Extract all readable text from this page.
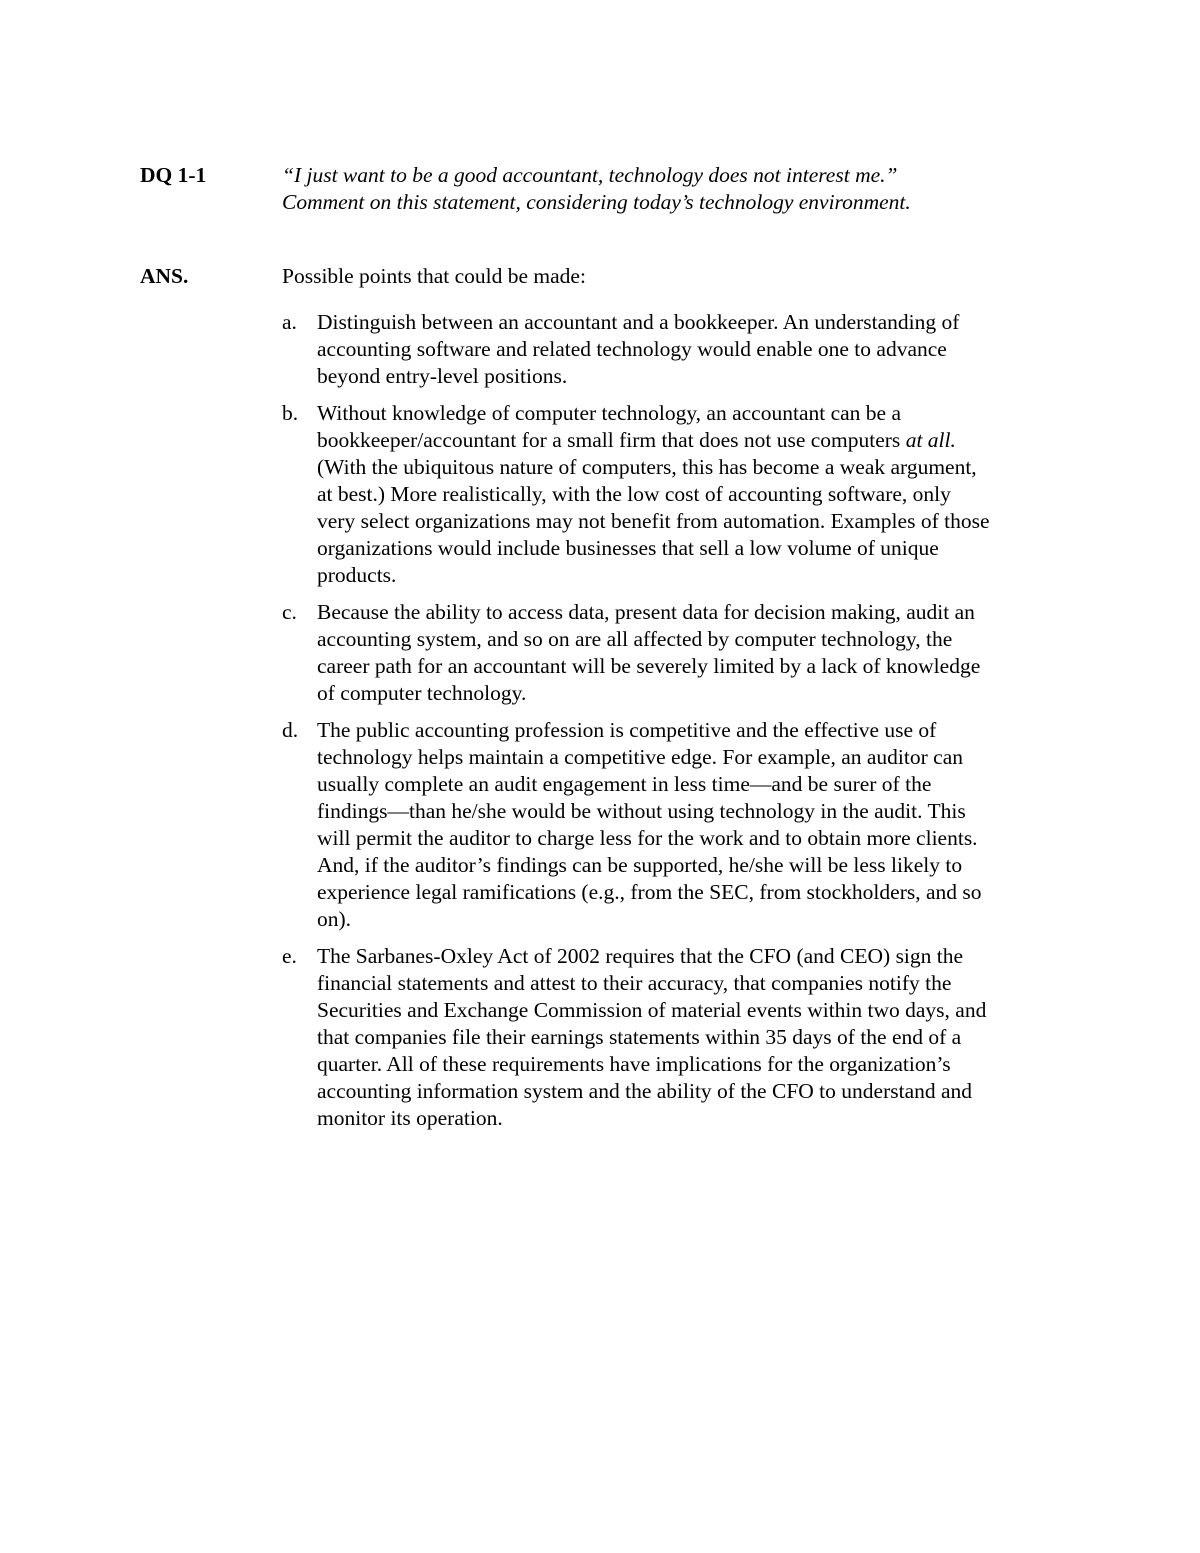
DQ 1-1	“I just want to be a good accountant, technology does not interest me.”
Comment on this statement, considering today’s technology environment.
ANS.	Possible points that could be made:
a. Distinguish between an accountant and a bookkeeper. An understanding of
accounting software and related technology would enable one to advance
beyond entry-level positions.
b. Without knowledge of computer technology, an accountant can be a
bookkeeper/accountant for a small firm that does not use computers at all.
(With the ubiquitous nature of computers, this has become a weak argument,
at best.) More realistically, with the low cost of accounting software, only
very select organizations may not benefit from automation. Examples of those
organizations would include businesses that sell a low volume of unique
products.
c. Because the ability to access data, present data for decision making, audit an
accounting system, and so on are all affected by computer technology, the
career path for an accountant will be severely limited by a lack of knowledge
of computer technology.
d. The public accounting profession is competitive and the effective use of
technology helps maintain a competitive edge. For example, an auditor can
usually complete an audit engagement in less time—and be surer of the
findings—than he/she would be without using technology in the audit. This
will permit the auditor to charge less for the work and to obtain more clients.
And, if the auditor’s findings can be supported, he/she will be less likely to
experience legal ramifications (e.g., from the SEC, from stockholders, and so
on).
e. The Sarbanes-Oxley Act of 2002 requires that the CFO (and CEO) sign the
financial statements and attest to their accuracy, that companies notify the
Securities and Exchange Commission of material events within two days, and
that companies file their earnings statements within 35 days of the end of a
quarter. All of these requirements have implications for the organization’s
accounting information system and the ability of the CFO to understand and
monitor its operation.
